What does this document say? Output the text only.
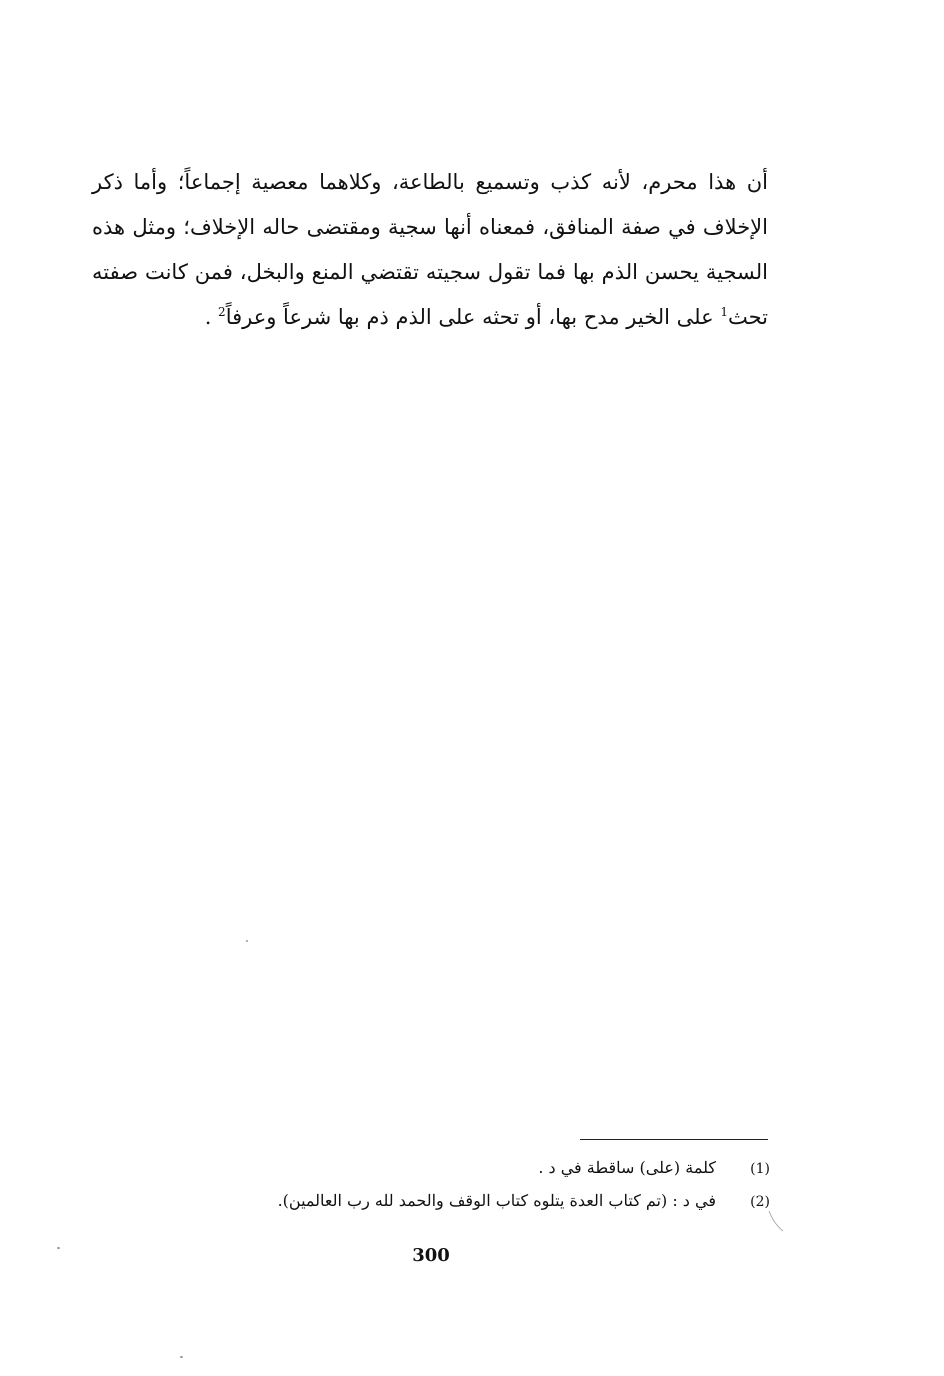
أن هذا محرم، لأنه كذب وتسميع بالطاعة، وكلاهما معصية إجماعاً؛ وأما ذكر الإخلاف في صفة المنافق، فمعناه أنها سجية ومقتضى حاله الإخلاف؛ ومثل هذه السجية يحسن الذم بها فما تقول سجيته تقتضي المنع والبخل، فمن كانت صفته تحث$^1$ على الخير مدح بها، أو تحثه على الذم ذم بها شرعاً وعرفاً$^2$ .

(1)
كلمة (على) ساقطة في د .
(2)
في د : (تم كتاب العدة يتلوه كتاب الوقف والحمد لله رب العالمين).
300
